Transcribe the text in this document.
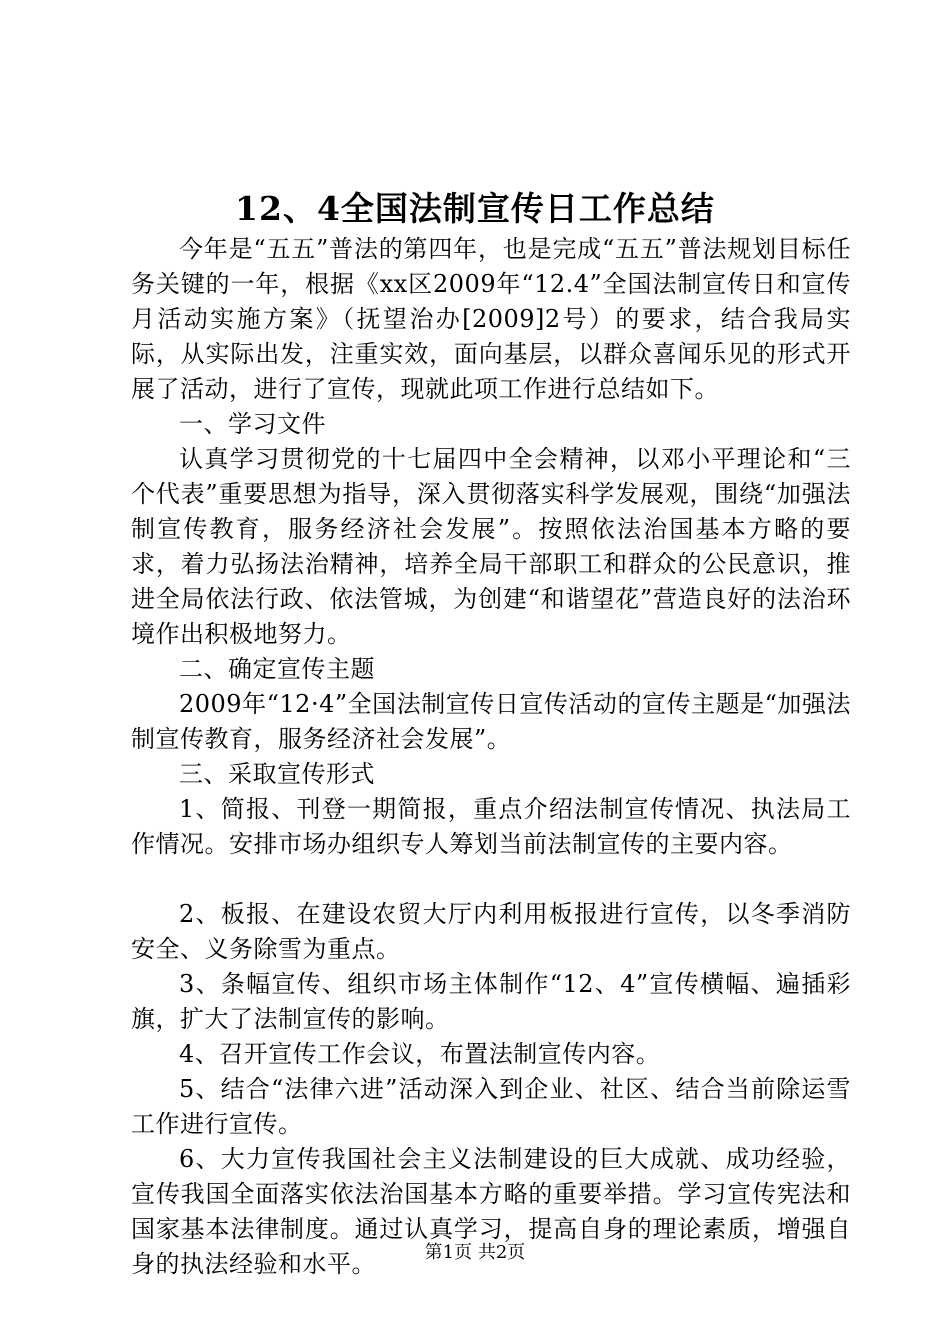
12、4全国法制宣传日工作总结

今年是“五五”普法的第四年，也是完成“五五”普法规划目标任务关键的一年，根据《xx区2009年“12.4”全国法制宣传日和宣传月活动实施方案》（抚望治办[2009]2号）的要求，结合我局实际，从实际出发，注重实效，面向基层，以群众喜闻乐见的形式开展了活动，进行了宣传，现就此项工作进行总结如下。

一、学习文件

认真学习贯彻党的十七届四中全会精神，以邓小平理论和“三个代表”重要思想为指导，深入贯彻落实科学发展观，围绕“加强法制宣传教育，服务经济社会发展”。按照依法治国基本方略的要求，着力弘扬法治精神，培养全局干部职工和群众的公民意识，推进全局依法行政、依法管城，为创建“和谐望花”营造良好的法治环境作出积极地努力。

二、确定宣传主题

2009年“12·4”全国法制宣传日宣传活动的宣传主题是“加强法制宣传教育，服务经济社会发展”。

三、采取宣传形式

1、简报、刊登一期简报，重点介绍法制宣传情况、执法局工作情况。安排市场办组织专人筹划当前法制宣传的主要内容。

2、板报、在建设农贸大厅内利用板报进行宣传，以冬季消防安全、义务除雪为重点。

3、条幅宣传、组织市场主体制作“12、4”宣传横幅、遍插彩旗，扩大了法制宣传的影响。

4、召开宣传工作会议，布置法制宣传内容。

5、结合“法律六进”活动深入到企业、社区、结合当前除运雪工作进行宣传。

6、大力宣传我国社会主义法制建设的巨大成就、成功经验，宣传我国全面落实依法治国基本方略的重要举措。学习宣传宪法和国家基本法律制度。通过认真学习，提高自身的理论素质，增强自身的执法经验和水平。	第1页 共2页
